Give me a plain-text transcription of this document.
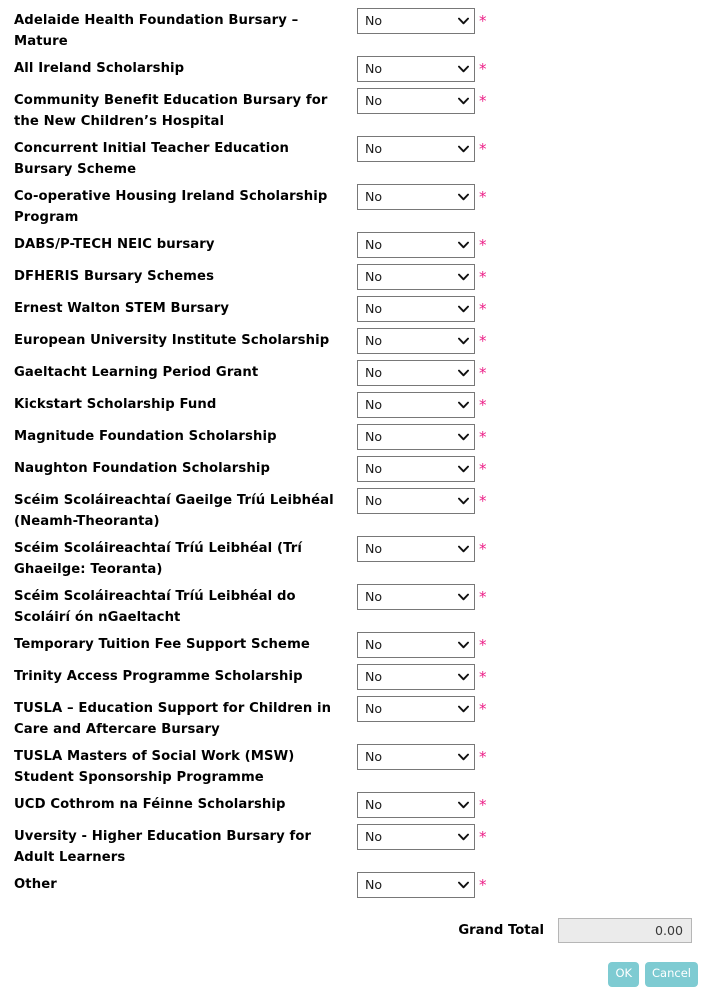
Adelaide Health Foundation Bursary – Mature
No	*
All Ireland Scholarship	No	*
Community Benefit Education Bursary for the New Children’s Hospital
No	*
Concurrent Initial Teacher Education Bursary Scheme
No	*
Co-operative Housing Ireland Scholarship Program
No	*
DABS/P-TECH NEIC bursary	No	*
DFHERIS Bursary Schemes	No	*
Ernest Walton STEM Bursary	No	*
European University Institute Scholarship	No	*
Gaeltacht Learning Period Grant	No	*
Kickstart Scholarship Fund	No	*
Magnitude Foundation Scholarship	No	*
Naughton Foundation Scholarship	No	*
Scéim Scoláireachtaí Gaeilge Tríú Leibhéal (Neamh-Theoranta)
No	*
Scéim Scoláireachtaí Tríú Leibhéal (Trí Ghaeilge: Teoranta)
No	*
Scéim Scoláireachtaí Tríú Leibhéal do Scoláirí ón nGaeltacht
No	*
Temporary Tuition Fee Support Scheme	No	*
Trinity Access Programme Scholarship	No	*
TUSLA – Education Support for Children in Care and Aftercare Bursary
No	*
TUSLA Masters of Social Work (MSW) Student Sponsorship Programme
No	*
UCD Cothrom na Féinne Scholarship	No	*
Uversity - Higher Education Bursary for Adult Learners
No	*
Other	No	*
Grand Total	0.00
OK	Cancel
